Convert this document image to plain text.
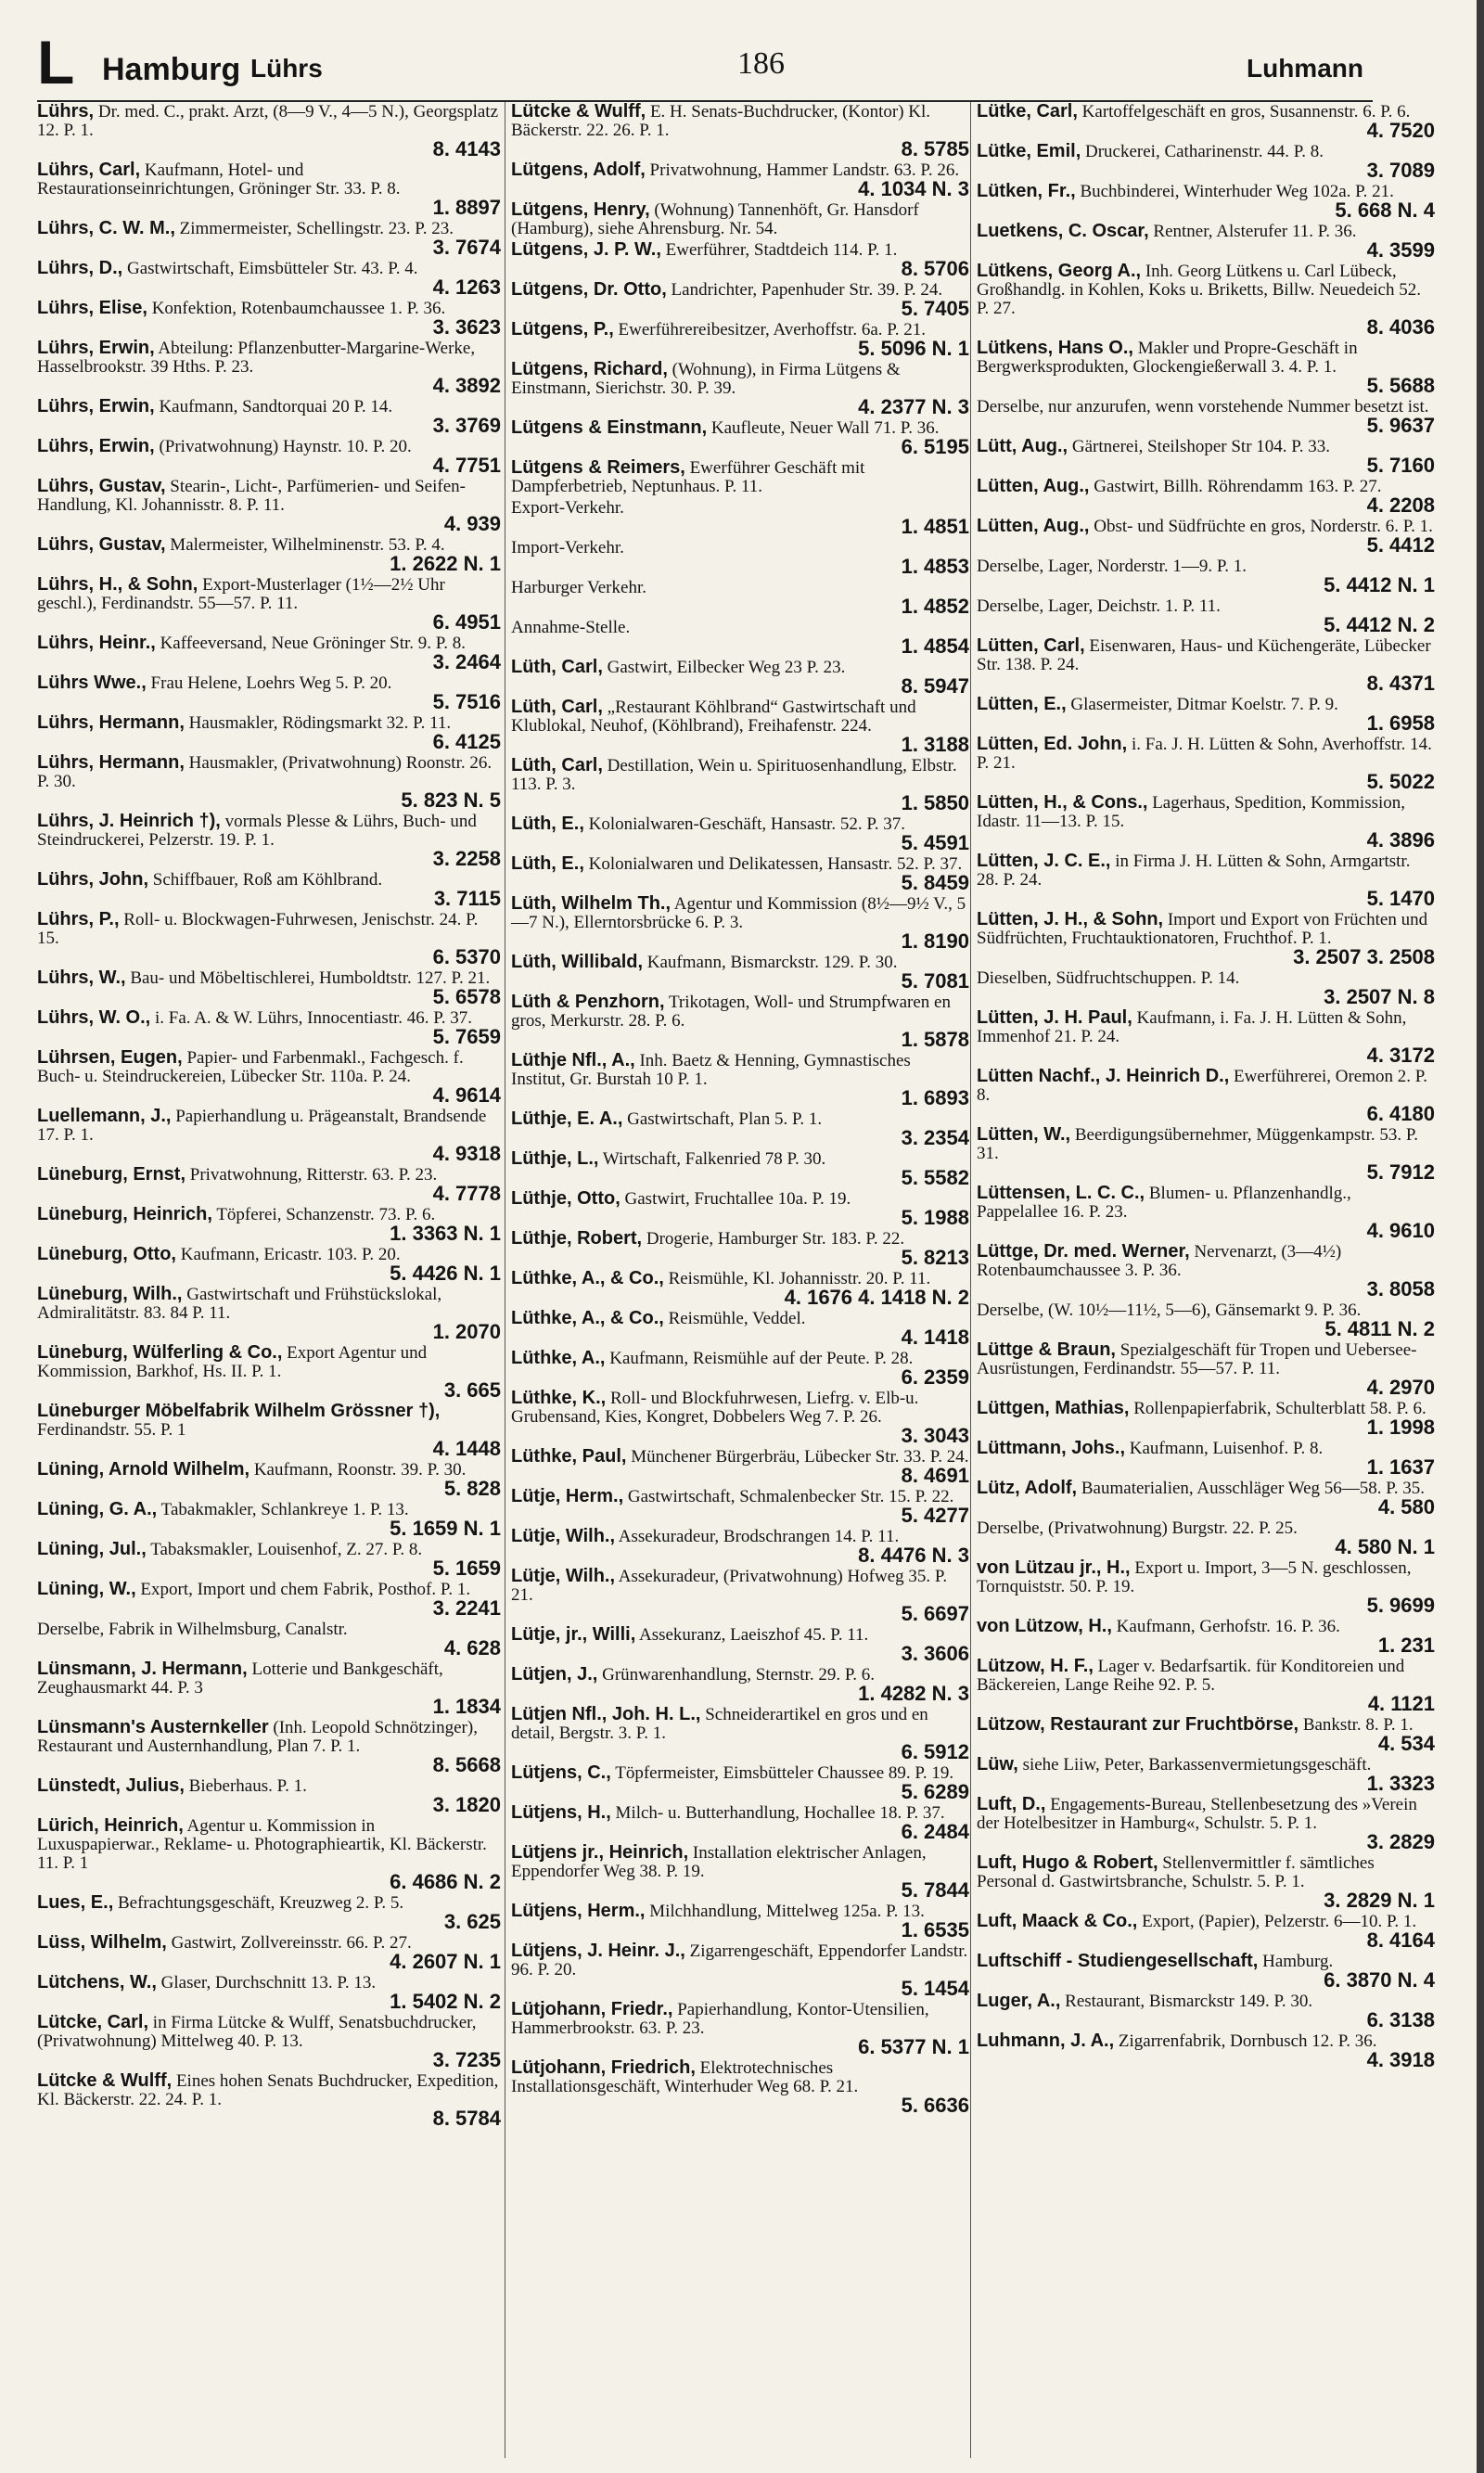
L Hamburg Lührs	186	Luhmann
Lührs, Dr. med. C., prakt. Arzt, (8—9 V., 4—5 N.), Georgsplatz 12. P. 1.
8. 4143
Lührs, Carl, Kaufmann, Hotel- und Restaurationseinrichtungen, Gröninger Str. 33. P. 8.
1. 8897
Lührs, C. W. M., Zimmermeister, Schellingstr. 23. P. 23.
3. 7674
Lührs, D., Gastwirtschaft, Eimsbütteler Str. 43. P. 4.
4. 1263
Lührs, Elise, Konfektion, Rotenbaumchaussee 1. P. 36.
3. 3623
Lührs, Erwin, Abteilung: Pflanzenbutter-Margarine-Werke, Hasselbrookstr. 39 Hths. P. 23.
4. 3892
Lührs, Erwin, Kaufmann, Sandtorquai 20 P. 14.
3. 3769
Lührs, Erwin, (Privatwohnung) Haynstr. 10. P. 20.
4. 7751
Lührs, Gustav, Stearin-, Licht-, Parfümerien- und Seifen-Handlung, Kl. Johannisstr. 8. P. 11.
4. 939
Lührs, Gustav, Malermeister, Wilhelminenstr. 53. P. 4.
1. 2622 N. 1
Lührs, H., & Sohn, Export-Musterlager (1½—2½ Uhr geschl.), Ferdinandstr. 55—57. P. 11.
6. 4951
Lührs, Heinr., Kaffeeversand, Neue Gröninger Str. 9. P. 8.
3. 2464
Lührs Wwe., Frau Helene, Loehrs Weg 5. P. 20.
5. 7516
Lührs, Hermann, Hausmakler, Rödingsmarkt 32. P. 11.
6. 4125
Lührs, Hermann, Hausmakler, (Privatwohnung) Roonstr. 26. P. 30.
5. 823 N. 5
Lührs, J. Heinrich †), vormals Plesse & Lührs, Buch- und Steindruckerei, Pelzerstr. 19. P. 1.
3. 2258
Lührs, John, Schiffbauer, Roß am Köhlbrand.
3. 7115
Lührs, P., Roll- u. Blockwagen-Fuhrwesen, Jenischstr. 24. P. 15.
6. 5370
Lührs, W., Bau- und Möbeltischlerei, Humboldtstr. 127. P. 21.
5. 6578
Lührs, W. O., i. Fa. A. & W. Lührs, Innocentiastr. 46. P. 37.
5. 7659
Lührsen, Eugen, Papier- und Farbenmakl., Fachgesch. f. Buch- u. Steindruckereien, Lübecker Str. 110a. P. 24.
4. 9614
Luellemann, J., Papierhandlung u. Prägeanstalt, Brandsende 17. P. 1.
4. 9318
Lüneburg, Ernst, Privatwohnung, Ritterstr. 63. P. 23.
4. 7778
Lüneburg, Heinrich, Töpferei, Schanzenstr. 73. P. 6.
1. 3363 N. 1
Lüneburg, Otto, Kaufmann, Ericastr. 103. P. 20.
5. 4426 N. 1
Lüneburg, Wilh., Gastwirtschaft und Frühstückslokal, Admiralitätstr. 83. 84 P. 11.
1. 2070
Lüneburg, Wülferling & Co., Export Agentur und Kommission, Barkhof, Hs. II. P. 1.
3. 665
Lüneburger Möbelfabrik Wilhelm Grössner †), Ferdinandstr. 55. P. 1
4. 1448
Lüning, Arnold Wilhelm, Kaufmann, Roonstr. 39. P. 30.
5. 828
Lüning, G. A., Tabakmakler, Schlankreye 1. P. 13.
5. 1659 N. 1
Lüning, Jul., Tabaksmakler, Louisenhof, Z. 27. P. 8.
5. 1659
Lüning, W., Export, Import und chem Fabrik, Posthof. P. 1.
3. 2241
Derselbe, Fabrik in Wilhelmsburg, Canalstr.
4. 628
Lünsmann, J. Hermann, Lotterie und Bankgeschäft, Zeughausmarkt 44. P. 3
1. 1834
Lünsmann's Austernkeller (Inh. Leopold Schnötzinger), Restaurant und Austernhandlung, Plan 7. P. 1.
8. 5668
Lünstedt, Julius, Bieberhaus. P. 1.
3. 1820
Lürich, Heinrich, Agentur u. Kommission in Luxuspapierwar., Reklame- u. Photographieartik, Kl. Bäckerstr. 11. P. 1
6. 4686 N. 2
Lues, E., Befrachtungsgeschäft, Kreuzweg 2. P. 5.
3. 625
Lüss, Wilhelm, Gastwirt, Zollvereinsstr. 66. P. 27.
4. 2607 N. 1
Lütchens, W., Glaser, Durchschnitt 13. P. 13.
1. 5402 N. 2
Lütcke, Carl, in Firma Lütcke & Wulff, Senatsbuchdrucker, (Privatwohnung) Mittelweg 40. P. 13.
3. 7235
Lütcke & Wulff, Eines hohen Senats Buchdrucker, Expedition, Kl. Bäckerstr. 22. 24. P. 1.
8. 5784
Lütcke & Wulff, E. H. Senats-Buchdrucker, (Kontor) Kl. Bäckerstr. 22. 26. P. 1.
8. 5785
Lütgens, Adolf, Privatwohnung, Hammer Landstr. 63. P. 26.
4. 1034 N. 3
Lütgens, Henry, (Wohnung) Tannenhöft, Gr. Hansdorf (Hamburg), siehe Ahrensburg. Nr. 54.
Lütgens, J. P. W., Ewerführer, Stadtdeich 114. P. 1.
8. 5706
Lütgens, Dr. Otto, Landrichter, Papenhuder Str. 39. P. 24.
5. 7405
Lütgens, P., Ewerführereibesitzer, Averhoffstr. 6a. P. 21.
5. 5096 N. 1
Lütgens, Richard, (Wohnung), in Firma Lütgens & Einstmann, Sierichstr. 30. P. 39.
4. 2377 N. 3
Lütgens & Einstmann, Kaufleute, Neuer Wall 71. P. 36.
6. 5195
Lütgens & Reimers, Ewerführer Geschäft mit Dampferbetrieb, Neptunhaus. P. 11.
Export-Verkehr.
1. 4851
Import-Verkehr.
1. 4853
Harburger Verkehr.
1. 4852
Annahme-Stelle.
1. 4854
Lüth, Carl, Gastwirt, Eilbecker Weg 23 P. 23.
8. 5947
Lüth, Carl, „Restaurant Köhlbrand“ Gastwirtschaft und Klublokal, Neuhof, (Köhlbrand), Freihafenstr. 224.
1. 3188
Lüth, Carl, Destillation, Wein u. Spirituosenhandlung, Elbstr. 113. P. 3.
1. 5850
Lüth, E., Kolonialwaren-Geschäft, Hansastr. 52. P. 37.
5. 4591
Lüth, E., Kolonialwaren und Delikatessen, Hansastr. 52. P. 37.
5. 8459
Lüth, Wilhelm Th., Agentur und Kommission (8½—9½ V., 5—7 N.), Ellerntorsbrücke 6. P. 3.
1. 8190
Lüth, Willibald, Kaufmann, Bismarckstr. 129. P. 30.
5. 7081
Lüth & Penzhorn, Trikotagen, Woll- und Strumpfwaren en gros, Merkurstr. 28. P. 6.
1. 5878
Lüthje Nfl., A., Inh. Baetz & Henning, Gymnastisches Institut, Gr. Burstah 10 P. 1.
1. 6893
Lüthje, E. A., Gastwirtschaft, Plan 5. P. 1.
3. 2354
Lüthje, L., Wirtschaft, Falkenried 78 P. 30.
5. 5582
Lüthje, Otto, Gastwirt, Fruchtallee 10a. P. 19.
5. 1988
Lüthje, Robert, Drogerie, Hamburger Str. 183. P. 22.
5. 8213
Lüthke, A., & Co., Reismühle, Kl. Johannisstr. 20. P. 11.
4. 1676 4. 1418 N. 2
Lüthke, A., & Co., Reismühle, Veddel.
4. 1418
Lüthke, A., Kaufmann, Reismühle auf der Peute. P. 28.
6. 2359
Lüthke, K., Roll- und Blockfuhrwesen, Liefrg. v. Elb-u. Grubensand, Kies, Kongret, Dobbelers Weg 7. P. 26.
3. 3043
Lüthke, Paul, Münchener Bürgerbräu, Lübecker Str. 33. P. 24.
8. 4691
Lütje, Herm., Gastwirtschaft, Schmalenbecker Str. 15. P. 22.
5. 4277
Lütje, Wilh., Assekuradeur, Brodschrangen 14. P. 11.
8. 4476 N. 3
Lütje, Wilh., Assekuradeur, (Privatwohnung) Hofweg 35. P. 21.
5. 6697
Lütje, jr., Willi, Assekuranz, Laeiszhof 45. P. 11.
3. 3606
Lütjen, J., Grünwarenhandlung, Sternstr. 29. P. 6.
1. 4282 N. 3
Lütjen Nfl., Joh. H. L., Schneiderartikel en gros und en detail, Bergstr. 3. P. 1.
6. 5912
Lütjens, C., Töpfermeister, Eimsbütteler Chaussee 89. P. 19.
5. 6289
Lütjens, H., Milch- u. Butterhandlung, Hochallee 18. P. 37.
6. 2484
Lütjens jr., Heinrich, Installation elektrischer Anlagen, Eppendorfer Weg 38. P. 19.
5. 7844
Lütjens, Herm., Milchhandlung, Mittelweg 125a. P. 13.
1. 6535
Lütjens, J. Heinr. J., Zigarrengeschäft, Eppendorfer Landstr. 96. P. 20.
5. 1454
Lütjohann, Friedr., Papierhandlung, Kontor-Utensilien, Hammerbrookstr. 63. P. 23.
6. 5377 N. 1
Lütjohann, Friedrich, Elektrotechnisches Installationsgeschäft, Winterhuder Weg 68. P. 21.
5. 6636
Lütke, Carl, Kartoffelgeschäft en gros, Susannenstr. 6. P. 6.
4. 7520
Lütke, Emil, Druckerei, Catharinenstr. 44. P. 8.
3. 7089
Lütken, Fr., Buchbinderei, Winterhuder Weg 102a. P. 21.
5. 668 N. 4
Luetkens, C. Oscar, Rentner, Alsterufer 11. P. 36.
4. 3599
Lütkens, Georg A., Inh. Georg Lütkens u. Carl Lübeck, Großhandlg. in Kohlen, Koks u. Briketts, Billw. Neuedeich 52. P. 27.
8. 4036
Lütkens, Hans O., Makler und Propre-Geschäft in Bergwerksprodukten, Glockengießerwall 3. 4. P. 1.
5. 5688
Derselbe, nur anzurufen, wenn vorstehende Nummer besetzt ist.
5. 9637
Lütt, Aug., Gärtnerei, Steilshoper Str 104. P. 33.
5. 7160
Lütten, Aug., Gastwirt, Billh. Röhrendamm 163. P. 27.
4. 2208
Lütten, Aug., Obst- und Südfrüchte en gros, Norderstr. 6. P. 1.
5. 4412
Derselbe, Lager, Norderstr. 1—9. P. 1.
5. 4412 N. 1
Derselbe, Lager, Deichstr. 1. P. 11.
5. 4412 N. 2
Lütten, Carl, Eisenwaren, Haus- und Küchengeräte, Lübecker Str. 138. P. 24.
8. 4371
Lütten, E., Glasermeister, Ditmar Koelstr. 7. P. 9.
1. 6958
Lütten, Ed. John, i. Fa. J. H. Lütten & Sohn, Averhoffstr. 14. P. 21.
5. 5022
Lütten, H., & Cons., Lagerhaus, Spedition, Kommission, Idastr. 11—13. P. 15.
4. 3896
Lütten, J. C. E., in Firma J. H. Lütten & Sohn, Armgartstr. 28. P. 24.
5. 1470
Lütten, J. H., & Sohn, Import und Export von Früchten und Südfrüchten, Fruchtauktionatoren, Fruchthof. P. 1.
3. 2507 3. 2508
Dieselben, Südfruchtschuppen. P. 14.
3. 2507 N. 8
Lütten, J. H. Paul, Kaufmann, i. Fa. J. H. Lütten & Sohn, Immenhof 21. P. 24.
4. 3172
Lütten Nachf., J. Heinrich D., Ewerführerei, Oremon 2. P. 8.
6. 4180
Lütten, W., Beerdigungsübernehmer, Müggenkampstr. 53. P. 31.
5. 7912
Lüttensen, L. C. C., Blumen- u. Pflanzenhandlg., Pappelallee 16. P. 23.
4. 9610
Lüttge, Dr. med. Werner, Nervenarzt, (3—4½) Rotenbaumchaussee 3. P. 36.
3. 8058
Derselbe, (W. 10½—11½, 5—6), Gänsemarkt 9. P. 36.
5. 4811 N. 2
Lüttge & Braun, Spezialgeschäft für Tropen und Uebersee-Ausrüstungen, Ferdinandstr. 55—57. P. 11.
4. 2970
Lüttgen, Mathias, Rollenpapierfabrik, Schulterblatt 58. P. 6.
1. 1998
Lüttmann, Johs., Kaufmann, Luisenhof. P. 8.
1. 1637
Lütz, Adolf, Baumaterialien, Ausschläger Weg 56—58. P. 35.
4. 580
Derselbe, (Privatwohnung) Burgstr. 22. P. 25.
4. 580 N. 1
von Lützau jr., H., Export u. Import, 3—5 N. geschlossen, Tornquiststr. 50. P. 19.
5. 9699
von Lützow, H., Kaufmann, Gerhofstr. 16. P. 36.
1. 231
Lützow, H. F., Lager v. Bedarfsartik. für Konditoreien und Bäckereien, Lange Reihe 92. P. 5.
4. 1121
Lützow, Restaurant zur Fruchtbörse, Bankstr. 8. P. 1.
4. 534
Lüw, siehe Liiw, Peter, Barkassenvermietungsgeschäft.
1. 3323
Luft, D., Engagements-Bureau, Stellenbesetzung des »Verein der Hotelbesitzer in Hamburg«, Schulstr. 5. P. 1.
3. 2829
Luft, Hugo & Robert, Stellenvermittler f. sämtliches Personal d. Gastwirtsbranche, Schulstr. 5. P. 1.
3. 2829 N. 1
Luft, Maack & Co., Export, (Papier), Pelzerstr. 6—10. P. 1.
8. 4164
Luftschiff - Studiengesellschaft, Hamburg.
6. 3870 N. 4
Luger, A., Restaurant, Bismarckstr 149. P. 30.
6. 3138
Luhmann, J. A., Zigarrenfabrik, Dornbusch 12. P. 36.
4. 3918
